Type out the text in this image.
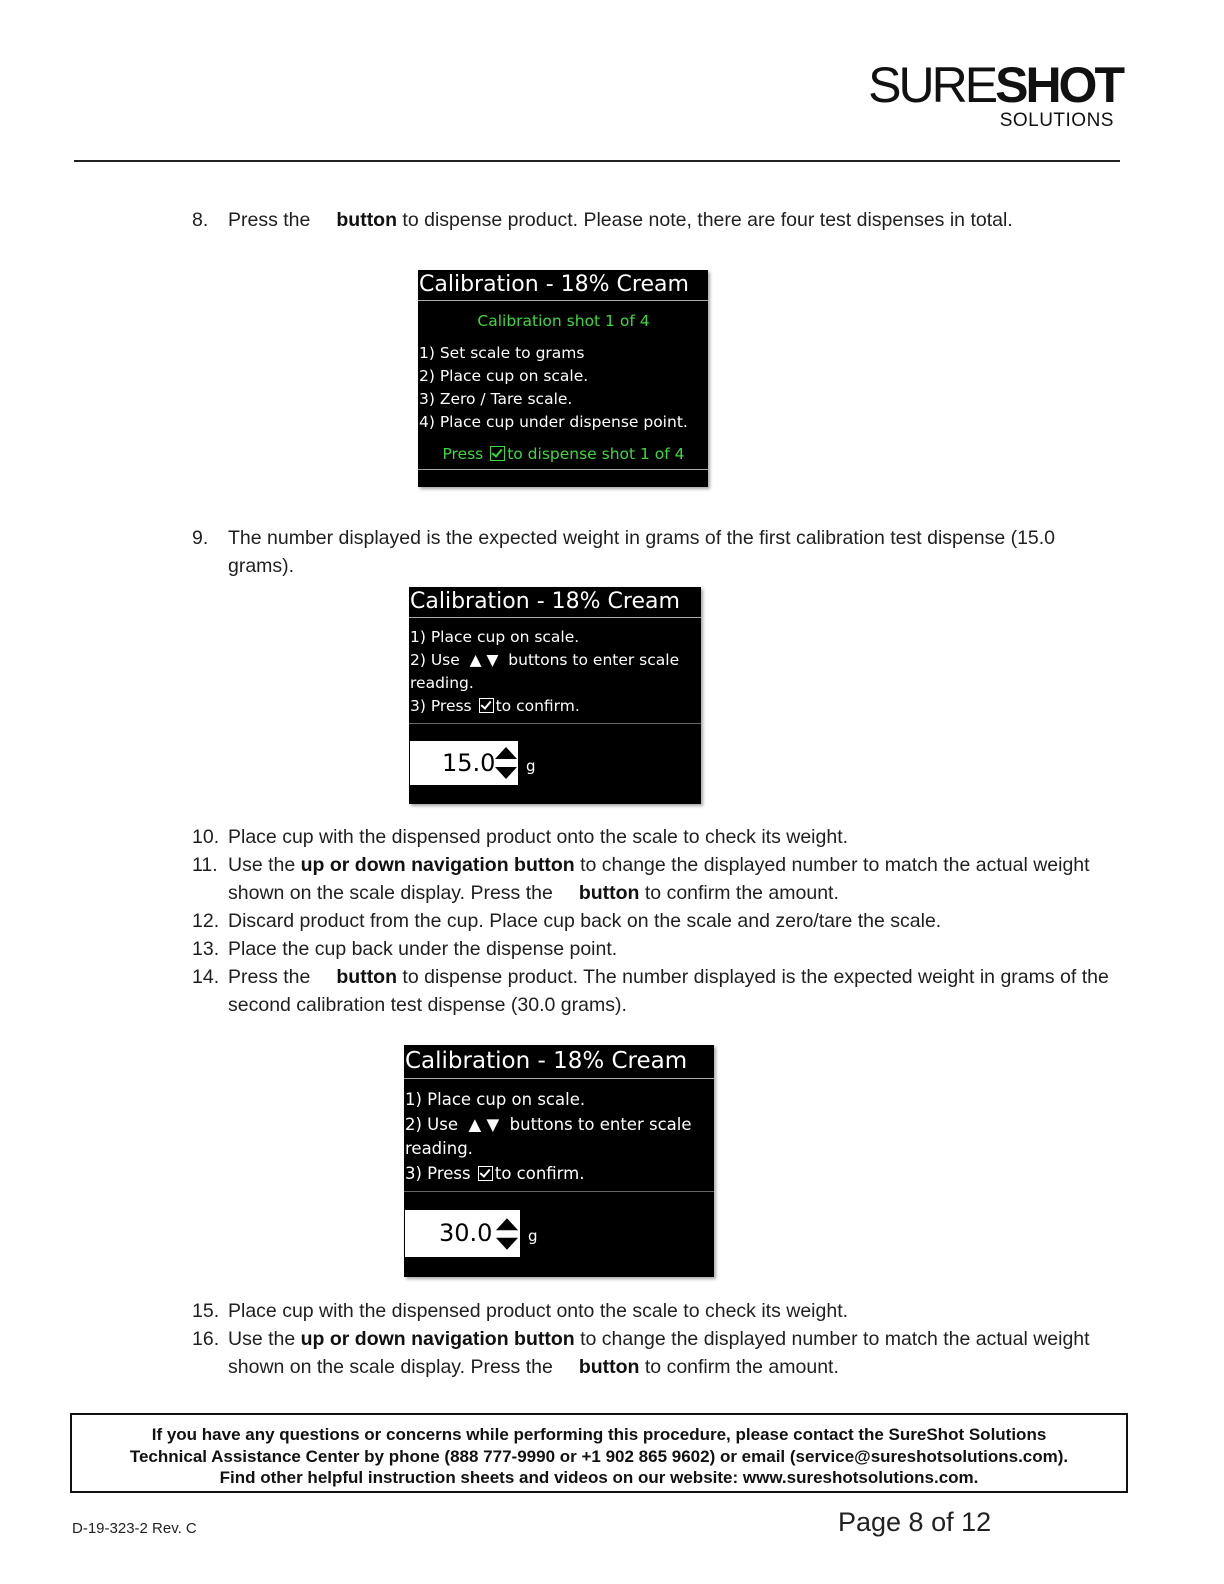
SURESHOT
SOLUTIONS
8. Press the button to dispense product. Please note, there are four test dispenses in total.
Calibration - 18% Cream
Calibration shot 1 of 4
1) Set scale to grams
2) Place cup on scale.
3) Zero / Tare scale.
4) Place cup under dispense point.
Press to dispense shot 1 of 4
9. The number displayed is the expected weight in grams of the first calibration test dispense (15.0 grams).
Calibration - 18% Cream
1) Place cup on scale.
2) Use ▲ ▼ buttons to enter scale
reading.
3) Press to confirm.
15.0 g
10. Place cup with the dispensed product onto the scale to check its weight.
11. Use the up or down navigation button to change the displayed number to match the actual weight shown on the scale display. Press the button to confirm the amount.
12. Discard product from the cup. Place cup back on the scale and zero/tare the scale.
13. Place the cup back under the dispense point.
14. Press the button to dispense product. The number displayed is the expected weight in grams of the second calibration test dispense (30.0 grams).
Calibration - 18% Cream
1) Place cup on scale.
2) Use ▲ ▼ buttons to enter scale
reading.
3) Press to confirm.
30.0 g
15. Place cup with the dispensed product onto the scale to check its weight.
16. Use the up or down navigation button to change the displayed number to match the actual weight shown on the scale display. Press the button to confirm the amount.

If you have any questions or concerns while performing this procedure, please contact the SureShot Solutions
Technical Assistance Center by phone (888 777-9990 or +1 902 865 9602) or email (service@sureshotsolutions.com).
Find other helpful instruction sheets and videos on our website: www.sureshotsolutions.com.

D-19-323-2 Rev. C	Page 8 of 12
